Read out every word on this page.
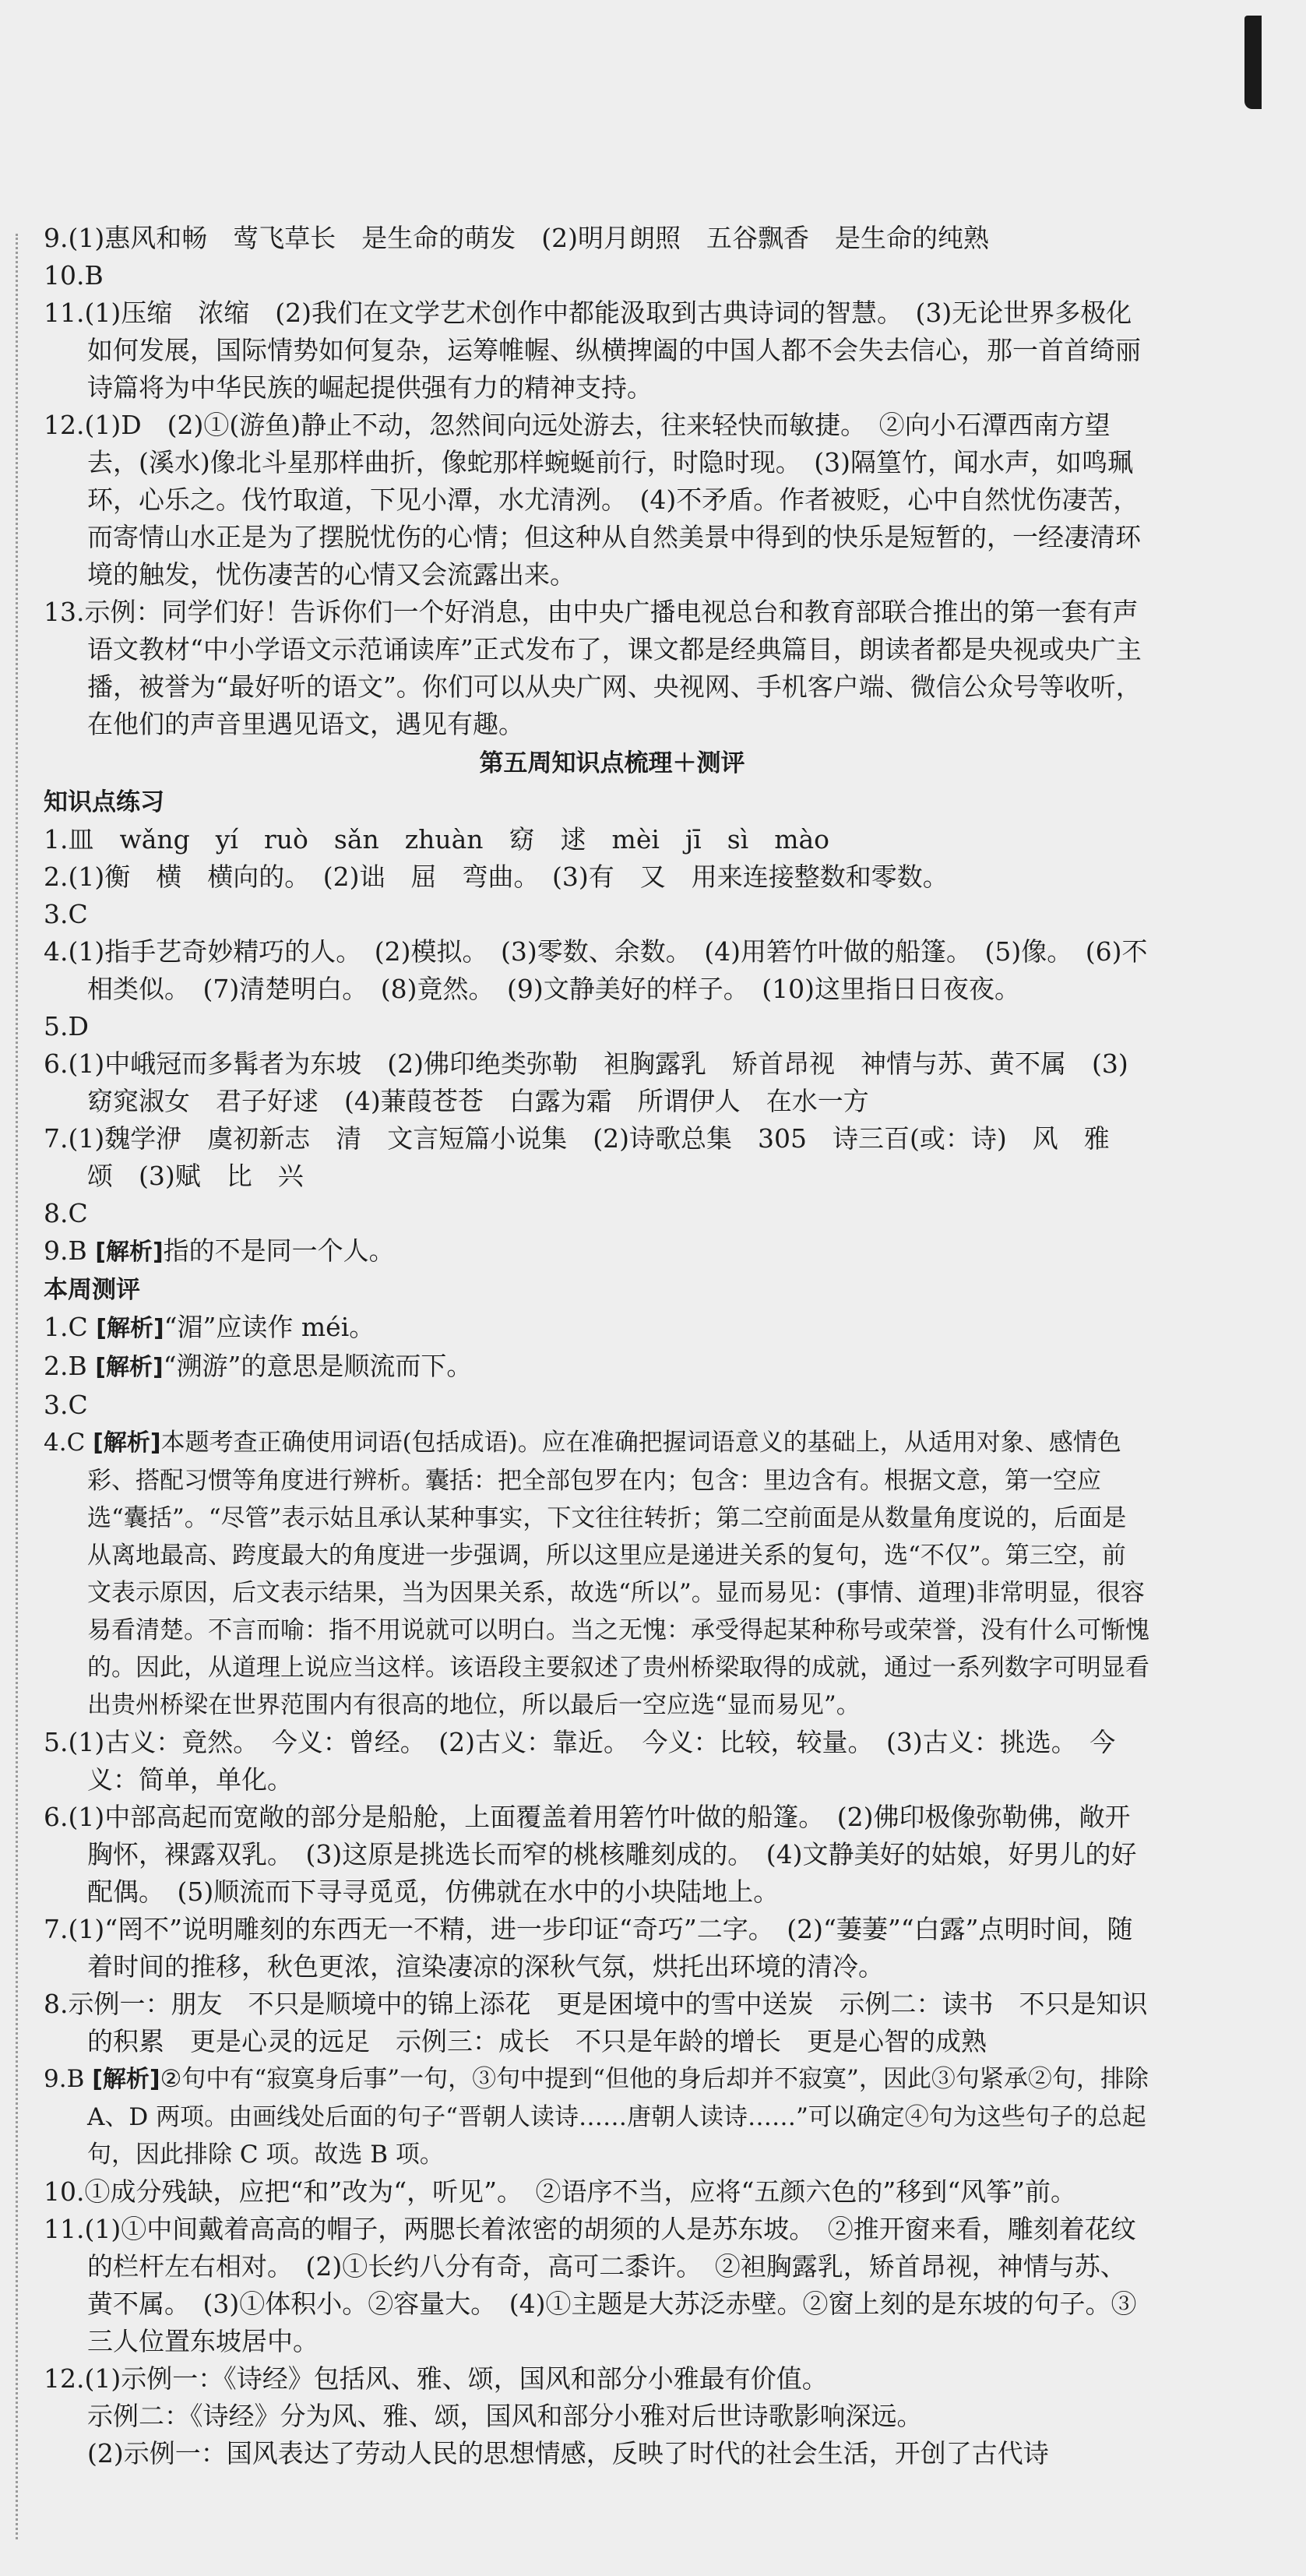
9.(1)惠风和畅　莺飞草长　是生命的萌发　(2)明月朗照　五谷飘香　是生命的纯熟

10.B

11.(1)压缩　浓缩　(2)我们在文学艺术创作中都能汲取到古典诗词的智慧。　(3)无论世界多极化如何发展，国际情势如何复杂，运筹帷幄、纵横捭阖的中国人都不会失去信心，那一首首绮丽诗篇将为中华民族的崛起提供强有力的精神支持。

12.(1)D　(2)①(游鱼)静止不动，忽然间向远处游去，往来轻快而敏捷。　②向小石潭西南方望去，(溪水)像北斗星那样曲折，像蛇那样蜿蜒前行，时隐时现。　(3)隔篁竹，闻水声，如鸣珮环，心乐之。伐竹取道，下见小潭，水尤清洌。　(4)不矛盾。作者被贬，心中自然忧伤凄苦，而寄情山水正是为了摆脱忧伤的心情；但这种从自然美景中得到的快乐是短暂的，一经凄清环境的触发，忧伤凄苦的心情又会流露出来。

13.示例：同学们好！告诉你们一个好消息，由中央广播电视总台和教育部联合推出的第一套有声语文教材“中小学语文示范诵读库”正式发布了，课文都是经典篇目，朗读者都是央视或央广主播，被誉为“最好听的语文”。你们可以从央广网、央视网、手机客户端、微信公众号等收听，在他们的声音里遇见语文，遇见有趣。

第五周知识点梳理＋测评

知识点练习

1.皿　wǎng　yí　ruò　sǎn　zhuàn　窈　逑　mèi　jī　sì　mào

2.(1)衡　横　横向的。　(2)诎　屈　弯曲。　(3)有　又　用来连接整数和零数。

3.C

4.(1)指手艺奇妙精巧的人。　(2)模拟。　(3)零数、余数。　(4)用箬竹叶做的船篷。　(5)像。　(6)不相类似。　(7)清楚明白。　(8)竟然。　(9)文静美好的样子。　(10)这里指日日夜夜。

5.D

6.(1)中峨冠而多髯者为东坡　(2)佛印绝类弥勒　袒胸露乳　矫首昂视　神情与苏、黄不属　(3)窈窕淑女　君子好逑　(4)蒹葭苍苍　白露为霜　所谓伊人　在水一方

7.(1)魏学洢　虞初新志　清　文言短篇小说集　(2)诗歌总集　305　诗三百(或：诗)　风　雅　颂　(3)赋　比　兴

8.C

9.B [解析]指的不是同一个人。

本周测评

1.C [解析]“湄”应读作 méi。

2.B [解析]“溯游”的意思是顺流而下。

3.C

4.C [解析]本题考查正确使用词语(包括成语)。应在准确把握词语意义的基础上，从适用对象、感情色彩、搭配习惯等角度进行辨析。囊括：把全部包罗在内；包含：里边含有。根据文意，第一空应选“囊括”。“尽管”表示姑且承认某种事实，下文往往转折；第二空前面是从数量角度说的，后面是从离地最高、跨度最大的角度进一步强调，所以这里应是递进关系的复句，选“不仅”。第三空，前文表示原因，后文表示结果，当为因果关系，故选“所以”。显而易见：(事情、道理)非常明显，很容易看清楚。不言而喻：指不用说就可以明白。当之无愧：承受得起某种称号或荣誉，没有什么可惭愧的。因此，从道理上说应当这样。该语段主要叙述了贵州桥梁取得的成就，通过一系列数字可明显看出贵州桥梁在世界范围内有很高的地位，所以最后一空应选“显而易见”。

5.(1)古义：竟然。　今义：曾经。　(2)古义：靠近。　今义：比较，较量。　(3)古义：挑选。　今义：简单，单化。

6.(1)中部高起而宽敞的部分是船舱，上面覆盖着用箬竹叶做的船篷。　(2)佛印极像弥勒佛，敞开胸怀，裸露双乳。　(3)这原是挑选长而窄的桃核雕刻成的。　(4)文静美好的姑娘，好男儿的好配偶。　(5)顺流而下寻寻觅觅，仿佛就在水中的小块陆地上。

7.(1)“罔不”说明雕刻的东西无一不精，进一步印证“奇巧”二字。　(2)“萋萋”“白露”点明时间，随着时间的推移，秋色更浓，渲染凄凉的深秋气氛，烘托出环境的清冷。

8.示例一：朋友　不只是顺境中的锦上添花　更是困境中的雪中送炭　示例二：读书　不只是知识的积累　更是心灵的远足　示例三：成长　不只是年龄的增长　更是心智的成熟

9.B [解析]②句中有“寂寞身后事”一句，③句中提到“但他的身后却并不寂寞”，因此③句紧承②句，排除 A、D 两项。由画线处后面的句子“晋朝人读诗……唐朝人读诗……”可以确定④句为这些句子的总起句，因此排除 C 项。故选 B 项。

10.①成分残缺，应把“和”改为“，听见”。　②语序不当，应将“五颜六色的”移到“风筝”前。

11.(1)①中间戴着高高的帽子，两腮长着浓密的胡须的人是苏东坡。　②推开窗来看，雕刻着花纹的栏杆左右相对。　(2)①长约八分有奇，高可二黍许。　②袒胸露乳，矫首昂视，神情与苏、黄不属。　(3)①体积小。②容量大。　(4)①主题是大苏泛赤壁。②窗上刻的是东坡的句子。③三人位置东坡居中。

12.(1)示例一：《诗经》包括风、雅、颂，国风和部分小雅最有价值。

示例二：《诗经》分为风、雅、颂，国风和部分小雅对后世诗歌影响深远。

(2)示例一：国风表达了劳动人民的思想情感，反映了时代的社会生活，开创了古代诗
